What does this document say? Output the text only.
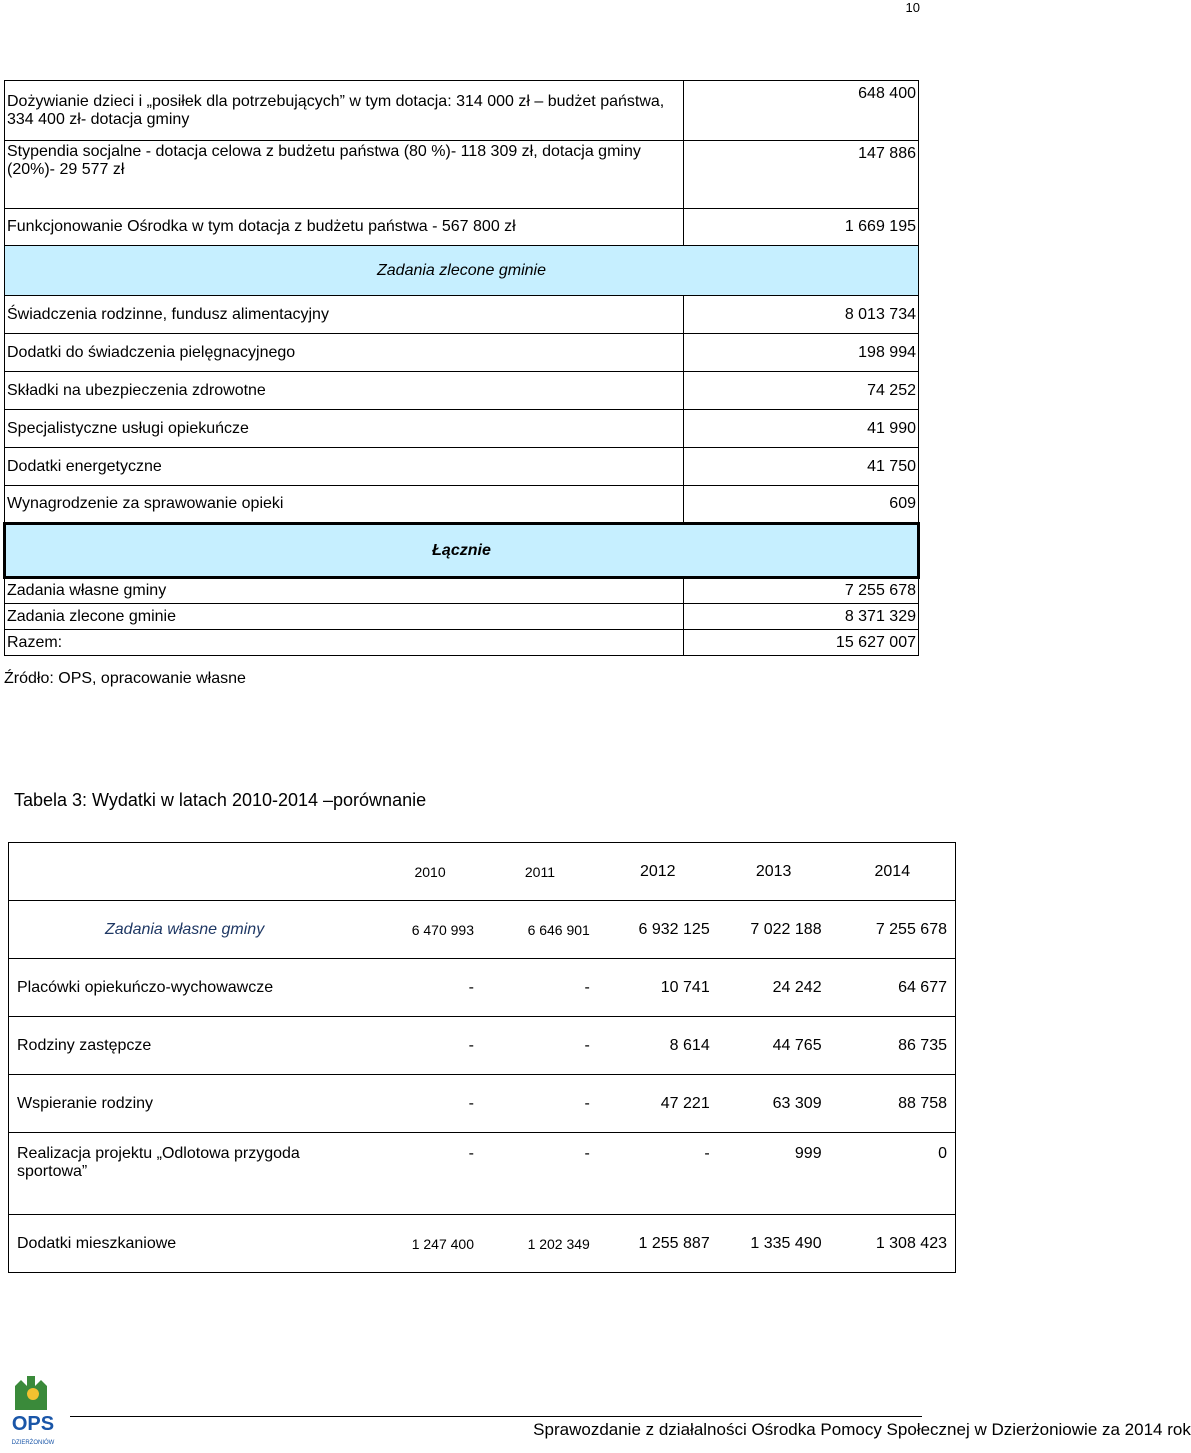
10
Dożywianie dzieci i „posiłek dla potrzebujących” w tym dotacja: 314 000 zł – budżet państwa, 334 400 zł- dotacja gminy	648 400
Stypendia socjalne - dotacja celowa z budżetu państwa (80 %)- 118 309 zł, dotacja gminy (20%)- 29 577 zł	147 886
Funkcjonowanie Ośrodka w tym dotacja z budżetu państwa - 567 800 zł	1 669 195
Zadania zlecone gminie	
Świadczenia rodzinne, fundusz alimentacyjny	8 013 734
Dodatki do świadczenia pielęgnacyjnego	198 994
Składki na ubezpieczenia zdrowotne	74 252
Specjalistyczne usługi opiekuńcze	41 990
Dodatki energetyczne	41 750
Wynagrodzenie za sprawowanie opieki	609
Łącznie	
Zadania własne gminy	7 255 678
Zadania zlecone gminie	8 371 329
Razem:	15 627 007
Źródło: OPS, opracowanie własne
Tabela 3: Wydatki w latach 2010-2014 –porównanie
	2010	2011	2012	2013	2014
Zadania własne gminy	6 470 993	6 646 901	6 932 125	7 022 188	7 255 678
Placówki opiekuńczo-wychowawcze	-	-	10 741	24 242	64 677
Rodziny zastępcze	-	-	8 614	44 765	86 735
Wspieranie rodziny	-	-	47 221	63 309	88 758
Realizacja projektu „Odlotowa przygoda sportowa”	-	-	-	999	0
Dodatki mieszkaniowe	1 247 400	1 202 349	1 255 887	1 335 490	1 308 423
OPS
DZIERŻONIÓW
Sprawozdanie z działalności Ośrodka Pomocy Społecznej w Dzierżoniowie za 2014 rok
